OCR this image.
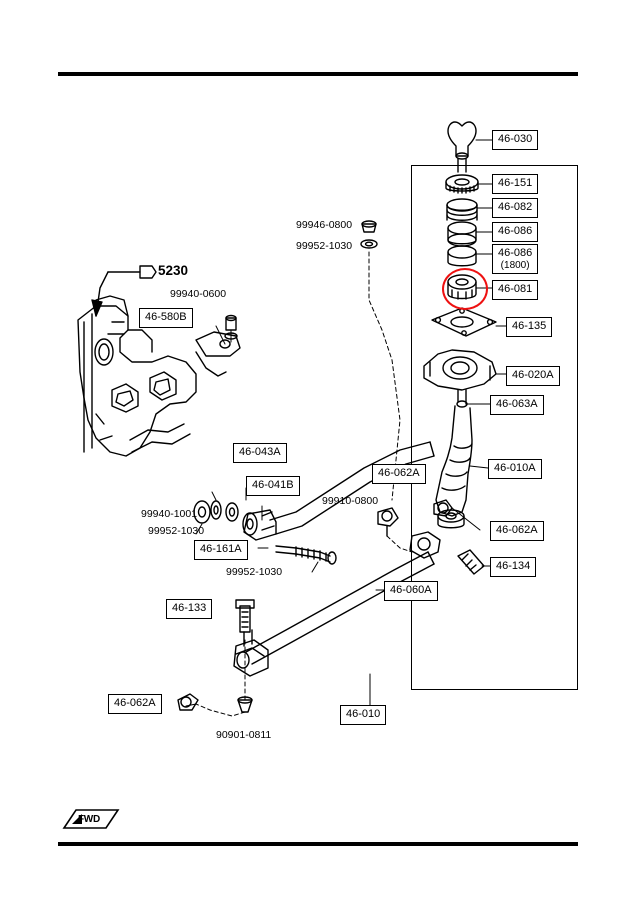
5230
46-030
46-151
46-082
46-086
46-086
(1800)
46-081
46-135
46-020A
46-063A
46-010A
46-062A
46-062A
46-134
46-060A
46-010
46-133
46-062A
46-161A
46-041B
46-043A
46-580B
99946-0800
99952-1030
99940-0600
99910-0800
99940-1001
99952-1030
99952-1030
90901-0811
FWD
